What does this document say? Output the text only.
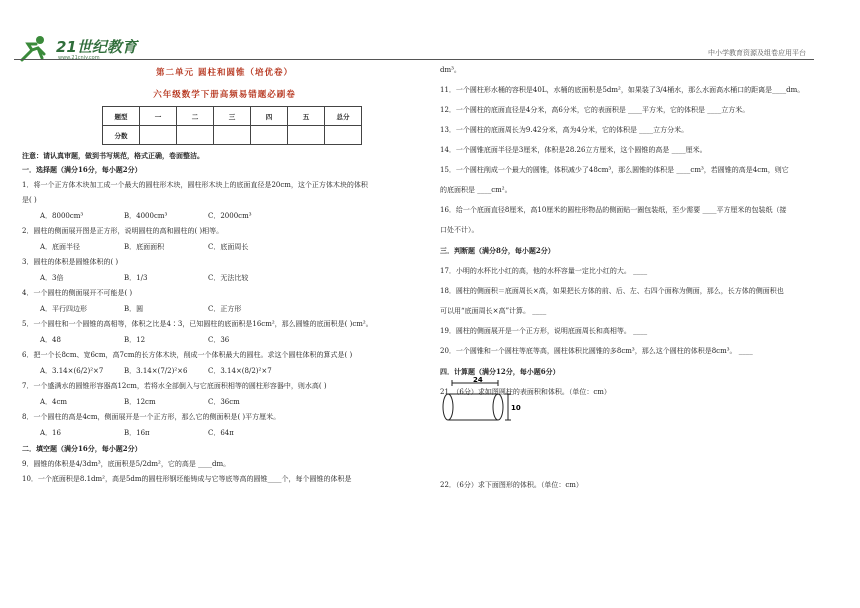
21世纪教育
www.21cnjy.com
中小学教育资源及组卷应用平台

第二单元 圆柱和圆锥（培优卷）

六年级数学下册高频易错题必刷卷

题型	一	二	三	四	五	总分
分数						

注意：请认真审题，做到书写规范，格式正确，卷面整洁。

一．选择题（满分16分，每小题2分）

1．将一个正方体木块加工成一个最大的圆柱形木块，圆柱形木块上的底面直径是20cm，这个正方体木块的体积

是( )

A．8000cm³	B．4000cm³	C．2000cm³

2．圆柱的侧面展开图是正方形，说明圆柱的高和圆柱的( )相等。

A．底面半径	B．底面面积	C．底面周长

3．圆柱的体积是圆锥体积的( )

A．3倍	B．1/3	C．无法比较

4．一个圆柱的侧面展开不可能是( )

A．平行四边形	B．圆	C．正方形

5．一个圆柱和一个圆锥的高相等，体积之比是4∶3，已知圆柱的底面积是16cm²，那么圆锥的底面积是( )cm²。

A．48	B．12	C．36

6．把一个长8cm、宽6cm，高7cm的长方体木块，削成一个体积最大的圆柱。求这个圆柱体积的算式是( )

A．3.14×(6/2)²×7	B．3.14×(7/2)²×6	C．3.14×(8/2)²×7

7．一个盛满水的圆锥形容器高12cm，若将水全部倒入与它底面积相等的圆柱形容器中，则水高( )

A．4cm	B．12cm	C．36cm

8．一个圆柱的高是4cm，侧面展开是一个正方形，那么它的侧面积是( )平方厘米。

A．16	B．16π	C．64π

二．填空题（满分16分，每小题2分）

9．圆锥的体积是4/3dm³，底面积是5/2dm²，它的高是 ____dm。

10．一个底面积是8.1dm²，高是5dm的圆柱形钢坯能铸成与它等底等高的圆锥____个，每个圆锥的体积是

dm³。

11．一个圆柱形水桶的容积是40L，水桶的底面积是5dm²，如果装了3/4桶水，那么水面高水桶口的距离是____dm。

12．一个圆柱的底面直径是4分米，高6分米，它的表面积是 ____平方米，它的体积是 ____立方米。

13．一个圆柱的底面周长为9.42分米，高为4分米，它的体积是 ____立方分米。

14．一个圆锥底面半径是3厘米，体积是28.26立方厘米，这个圆锥的高是 ____厘米。

15．一个圆柱削成一个最大的圆锥，体积减少了48cm³，那么圆锥的体积是 ____cm³，若圆锥的高是4cm，则它

的底面积是 ____cm²。

16．给一个底面直径8厘米，高10厘米的圆柱形物品的侧面贴一圈包装纸，至少需要 ____平方厘米的包装纸（接

口处不计）。

三．判断题（满分8分，每小题2分）

17．小明的水杯比小红的高，他的水杯容量一定比小红的大。 ____

18．圆柱的侧面积＝底面周长×高，如果把长方体的前、后、左、右四个面称为侧面，那么，长方体的侧面积也

可以用“底面周长×高”计算。 ____

19．圆柱的侧面展开是一个正方形，说明底面周长和高相等。 ____

20．一个圆锥和一个圆柱等底等高，圆柱体积比圆锥的多8cm³，那么这个圆柱的体积是8cm³。 ____

四．计算题（满分12分，每小题6分）

21．（6分）求如图圆柱的表面积和体积。（单位：cm）

24
10
22．（6分）求下面图形的体积。（单位：cm）
